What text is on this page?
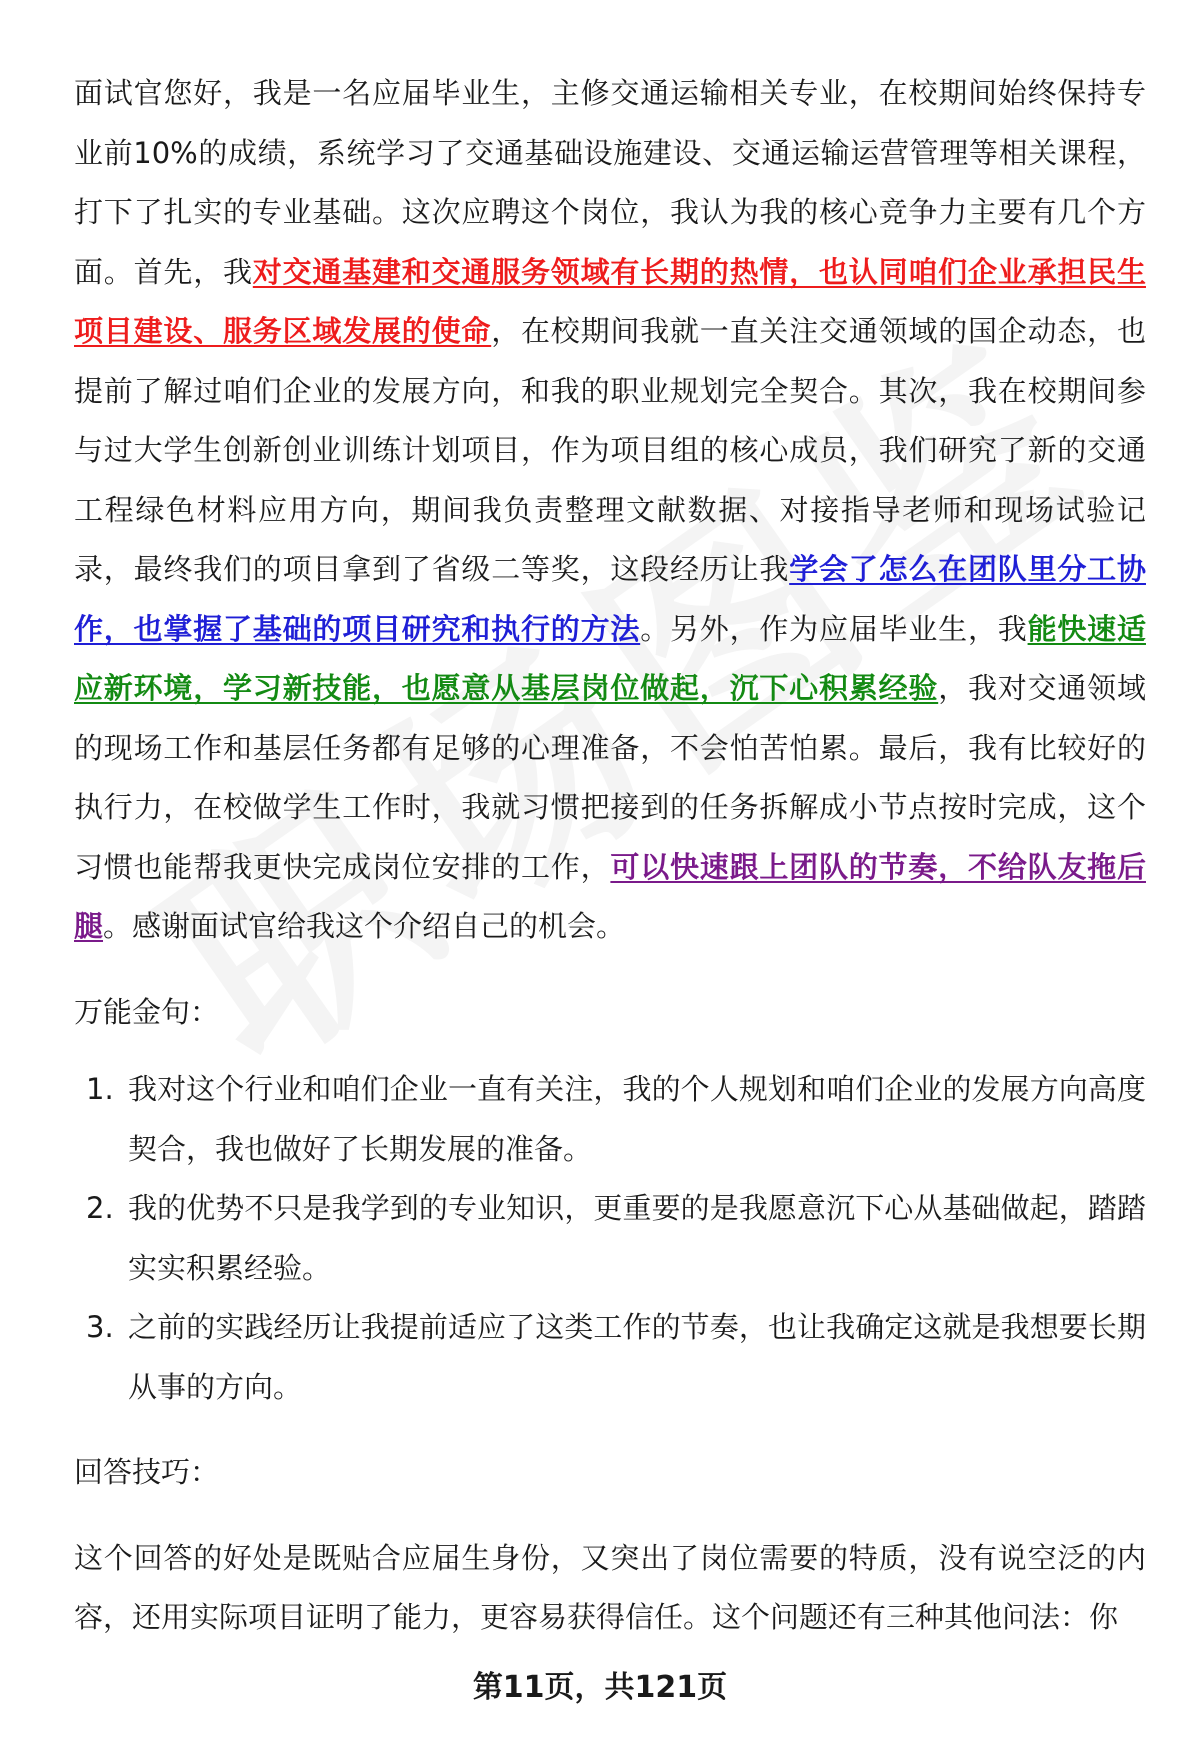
面试官您好，我是一名应届毕业生，主修交通运输相关专业，在校期间始终保持专业前10%的成绩，系统学习了交通基础设施建设、交通运输运营管理等相关课程，打下了扎实的专业基础。这次应聘这个岗位，我认为我的核心竞争力主要有几个方面。首先，我对交通基建和交通服务领域有长期的热情，也认同咱们企业承担民生项目建设、服务区域发展的使命，在校期间我就一直关注交通领域的国企动态，也提前了解过咱们企业的发展方向，和我的职业规划完全契合。其次，我在校期间参与过大学生创新创业训练计划项目，作为项目组的核心成员，我们研究了新的交通工程绿色材料应用方向，期间我负责整理文献数据、对接指导老师和现场试验记录，最终我们的项目拿到了省级二等奖，这段经历让我学会了怎么在团队里分工协作，也掌握了基础的项目研究和执行的方法。另外，作为应届毕业生，我能快速适应新环境，学习新技能，也愿意从基层岗位做起，沉下心积累经验，我对交通领域的现场工作和基层任务都有足够的心理准备，不会怕苦怕累。最后，我有比较好的执行力，在校做学生工作时，我就习惯把接到的任务拆解成小节点按时完成，这个习惯也能帮我更快完成岗位安排的工作，可以快速跟上团队的节奏，不给队友拖后腿。感谢面试官给我这个介绍自己的机会。

万能金句：

1. 我对这个行业和咱们企业一直有关注，我的个人规划和咱们企业的发展方向高度契合，我也做好了长期发展的准备。
2. 我的优势不只是我学到的专业知识，更重要的是我愿意沉下心从基础做起，踏踏实实积累经验。
3. 之前的实践经历让我提前适应了这类工作的节奏，也让我确定这就是我想要长期从事的方向。

回答技巧：

这个回答的好处是既贴合应届生身份，又突出了岗位需要的特质，没有说空泛的内容，还用实际项目证明了能力，更容易获得信任。这个问题还有三种其他问法：你

第11页，共121页
